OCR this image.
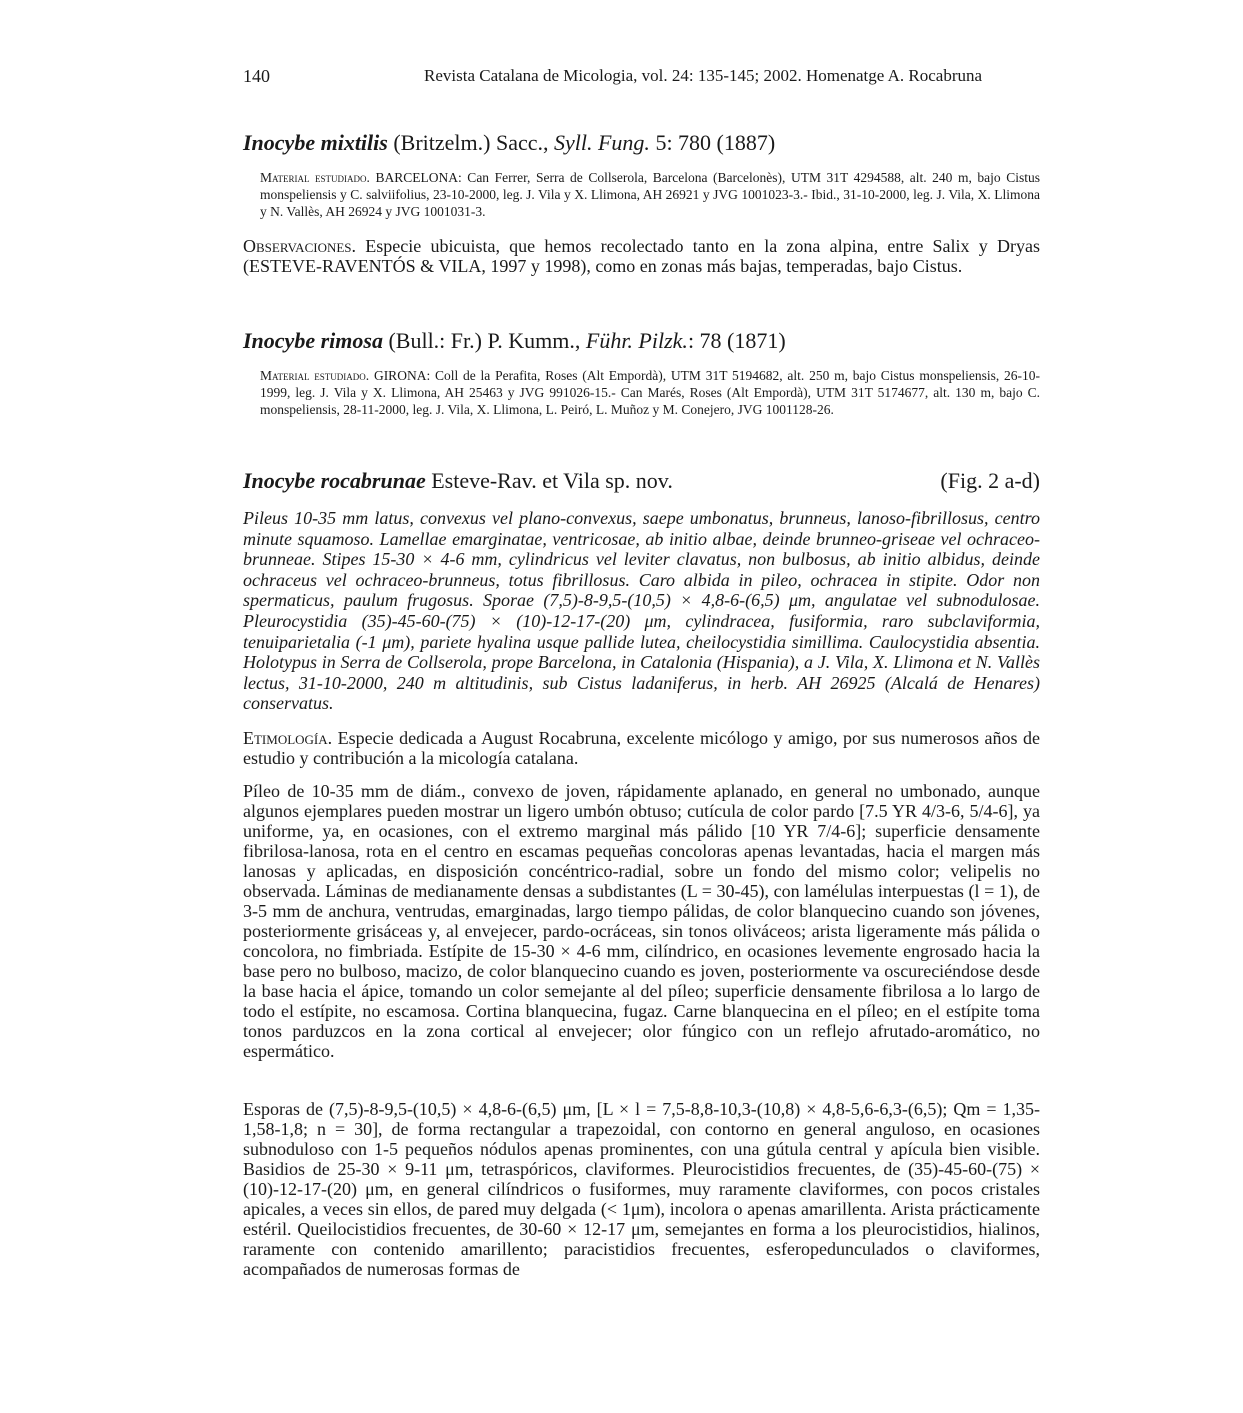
140	Revista Catalana de Micologia, vol. 24: 135-145; 2002. Homenatge A. Rocabruna
Inocybe mixtilis (Britzelm.) Sacc., Syll. Fung. 5: 780 (1887)
Material estudiado. BARCELONA: Can Ferrer, Serra de Collserola, Barcelona (Barcelonès), UTM 31T 4294588, alt. 240 m, bajo Cistus monspeliensis y C. salviifolius, 23-10-2000, leg. J. Vila y X. Llimona, AH 26921 y JVG 1001023-3.- Ibid., 31-10-2000, leg. J. Vila, X. Llimona y N. Vallès, AH 26924 y JVG 1001031-3.
Observaciones. Especie ubicuista, que hemos recolectado tanto en la zona alpina, entre Salix y Dryas (ESTEVE-RAVENTÓS & VILA, 1997 y 1998), como en zonas más bajas, temperadas, bajo Cistus.
Inocybe rimosa (Bull.: Fr.) P. Kumm., Führ. Pilzk.: 78 (1871)
Material estudiado. GIRONA: Coll de la Perafita, Roses (Alt Empordà), UTM 31T 5194682, alt. 250 m, bajo Cistus monspeliensis, 26-10-1999, leg. J. Vila y X. Llimona, AH 25463 y JVG 991026-15.- Can Marés, Roses (Alt Empordà), UTM 31T 5174677, alt. 130 m, bajo C. monspeliensis, 28-11-2000, leg. J. Vila, X. Llimona, L. Peiró, L. Muñoz y M. Conejero, JVG 1001128-26.
Inocybe rocabrunae Esteve-Rav. et Vila sp. nov.	(Fig. 2 a-d)
Pileus 10-35 mm latus, convexus vel plano-convexus, saepe umbonatus, brunneus, lanoso-fibrillosus, centro minute squamoso. Lamellae emarginatae, ventricosae, ab initio albae, deinde brunneo-griseae vel ochraceo-brunneae. Stipes 15-30 × 4-6 mm, cylindricus vel leviter clavatus, non bulbosus, ab initio albidus, deinde ochraceus vel ochraceo-brunneus, totus fibrillosus. Caro albida in pileo, ochracea in stipite. Odor non spermaticus, paulum frugosus. Sporae (7,5)-8-9,5-(10,5) × 4,8-6-(6,5) μm, angulatae vel subnodulosae. Pleurocystidia (35)-45-60-(75) × (10)-12-17-(20) μm, cylindracea, fusiformia, raro subclaviformia, tenuiparietalia (-1 μm), pariete hyalina usque pallide lutea, cheilocystidia simillima. Caulocystidia absentia. Holotypus in Serra de Collserola, prope Barcelona, in Catalonia (Hispania), a J. Vila, X. Llimona et N. Vallès lectus, 31-10-2000, 240 m altitudinis, sub Cistus ladaniferus, in herb. AH 26925 (Alcalá de Henares) conservatus.
Etimología. Especie dedicada a August Rocabruna, excelente micólogo y amigo, por sus numerosos años de estudio y contribución a la micología catalana.
Píleo de 10-35 mm de diám., convexo de joven, rápidamente aplanado, en general no umbonado, aunque algunos ejemplares pueden mostrar un ligero umbón obtuso; cutícula de color pardo [7.5 YR 4/3-6, 5/4-6], ya uniforme, ya, en ocasiones, con el extremo marginal más pálido [10 YR 7/4-6]; superficie densamente fibrilosa-lanosa, rota en el centro en escamas pequeñas concoloras apenas levantadas, hacia el margen más lanosas y aplicadas, en disposición concéntrico-radial, sobre un fondo del mismo color; velipelis no observada. Láminas de medianamente densas a subdistantes (L = 30-45), con lamélulas interpuestas (l = 1), de 3-5 mm de anchura, ventrudas, emarginadas, largo tiempo pálidas, de color blanquecino cuando son jóvenes, posteriormente grisáceas y, al envejecer, pardo-ocráceas, sin tonos oliváceos; arista ligeramente más pálida o concolora, no fimbriada. Estípite de 15-30 × 4-6 mm, cilíndrico, en ocasiones levemente engrosado hacia la base pero no bulboso, macizo, de color blanquecino cuando es joven, posteriormente va oscureciéndose desde la base hacia el ápice, tomando un color semejante al del píleo; superficie densamente fibrilosa a lo largo de todo el estípite, no escamosa. Cortina blanquecina, fugaz. Carne blanquecina en el píleo; en el estípite toma tonos parduzcos en la zona cortical al envejecer; olor fúngico con un reflejo afrutado-aromático, no espermático.
Esporas de (7,5)-8-9,5-(10,5) × 4,8-6-(6,5) μm, [L × l = 7,5-8,8-10,3-(10,8) × 4,8-5,6-6,3-(6,5); Qm = 1,35-1,58-1,8; n = 30], de forma rectangular a trapezoidal, con contorno en general anguloso, en ocasiones subnoduloso con 1-5 pequeños nódulos apenas prominentes, con una gútula central y apícula bien visible. Basidios de 25-30 × 9-11 μm, tetraspóricos, claviformes. Pleurocistidios frecuentes, de (35)-45-60-(75) × (10)-12-17-(20) μm, en general cilíndricos o fusiformes, muy raramente claviformes, con pocos cristales apicales, a veces sin ellos, de pared muy delgada (< 1μm), incolora o apenas amarillenta. Arista prácticamente estéril. Queilocistidios frecuentes, de 30-60 × 12-17 μm, semejantes en forma a los pleurocistidios, hialinos, raramente con contenido amarillento; paracistidios frecuentes, esferopedunculados o claviformes, acompañados de numerosas formas de
